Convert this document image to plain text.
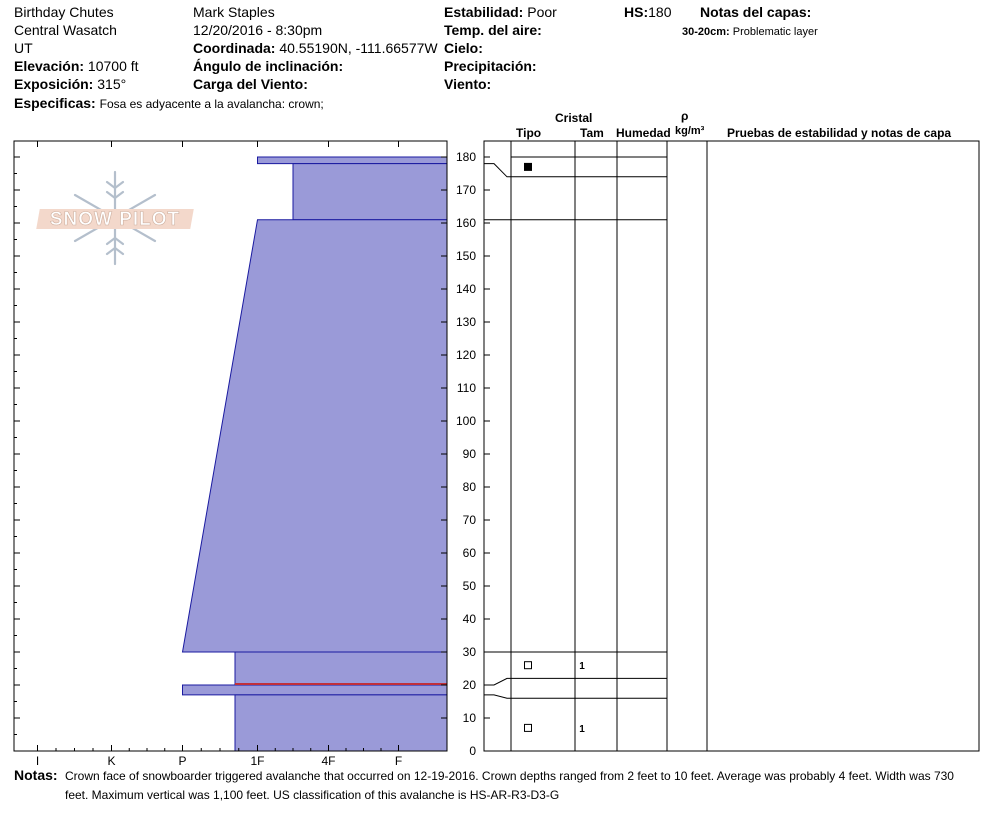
Birthday Chutes
Central Wasatch
UT
Elevación: 10700 ft
Exposición: 315°
Especificas: Fosa es adyacente a la avalancha: crown;
Mark Staples
12/20/2016 - 8:30pm
Coordinada: 40.55190N, -111.66577W
Ángulo de inclinación:
Carga del Viento:
Estabilidad: Poor
Temp. del aire:
Cielo:
Precipitación:
Viento:
HS:180 Notas del capas:
30-20cm: Problematic layer
Cristal
Tipo	Tam Humedad
ρ
kg/m³ Pruebas de estabilidad y notas de capa
SNOW PILOT
I	K	P	1F	4F	F
0
10
20
30
40
50
60
70
80
90
100
110
120
130
140
150
160
170
180
1
1
Notas: Crown face of snowboarder triggered avalanche that occurred on 12-19-2016. Crown depths ranged from 2 feet to 10 feet. Average was probably 4 feet. Width was 730
feet. Maximum vertical was 1,100 feet. US classification of this avalanche is HS-AR-R3-D3-G
